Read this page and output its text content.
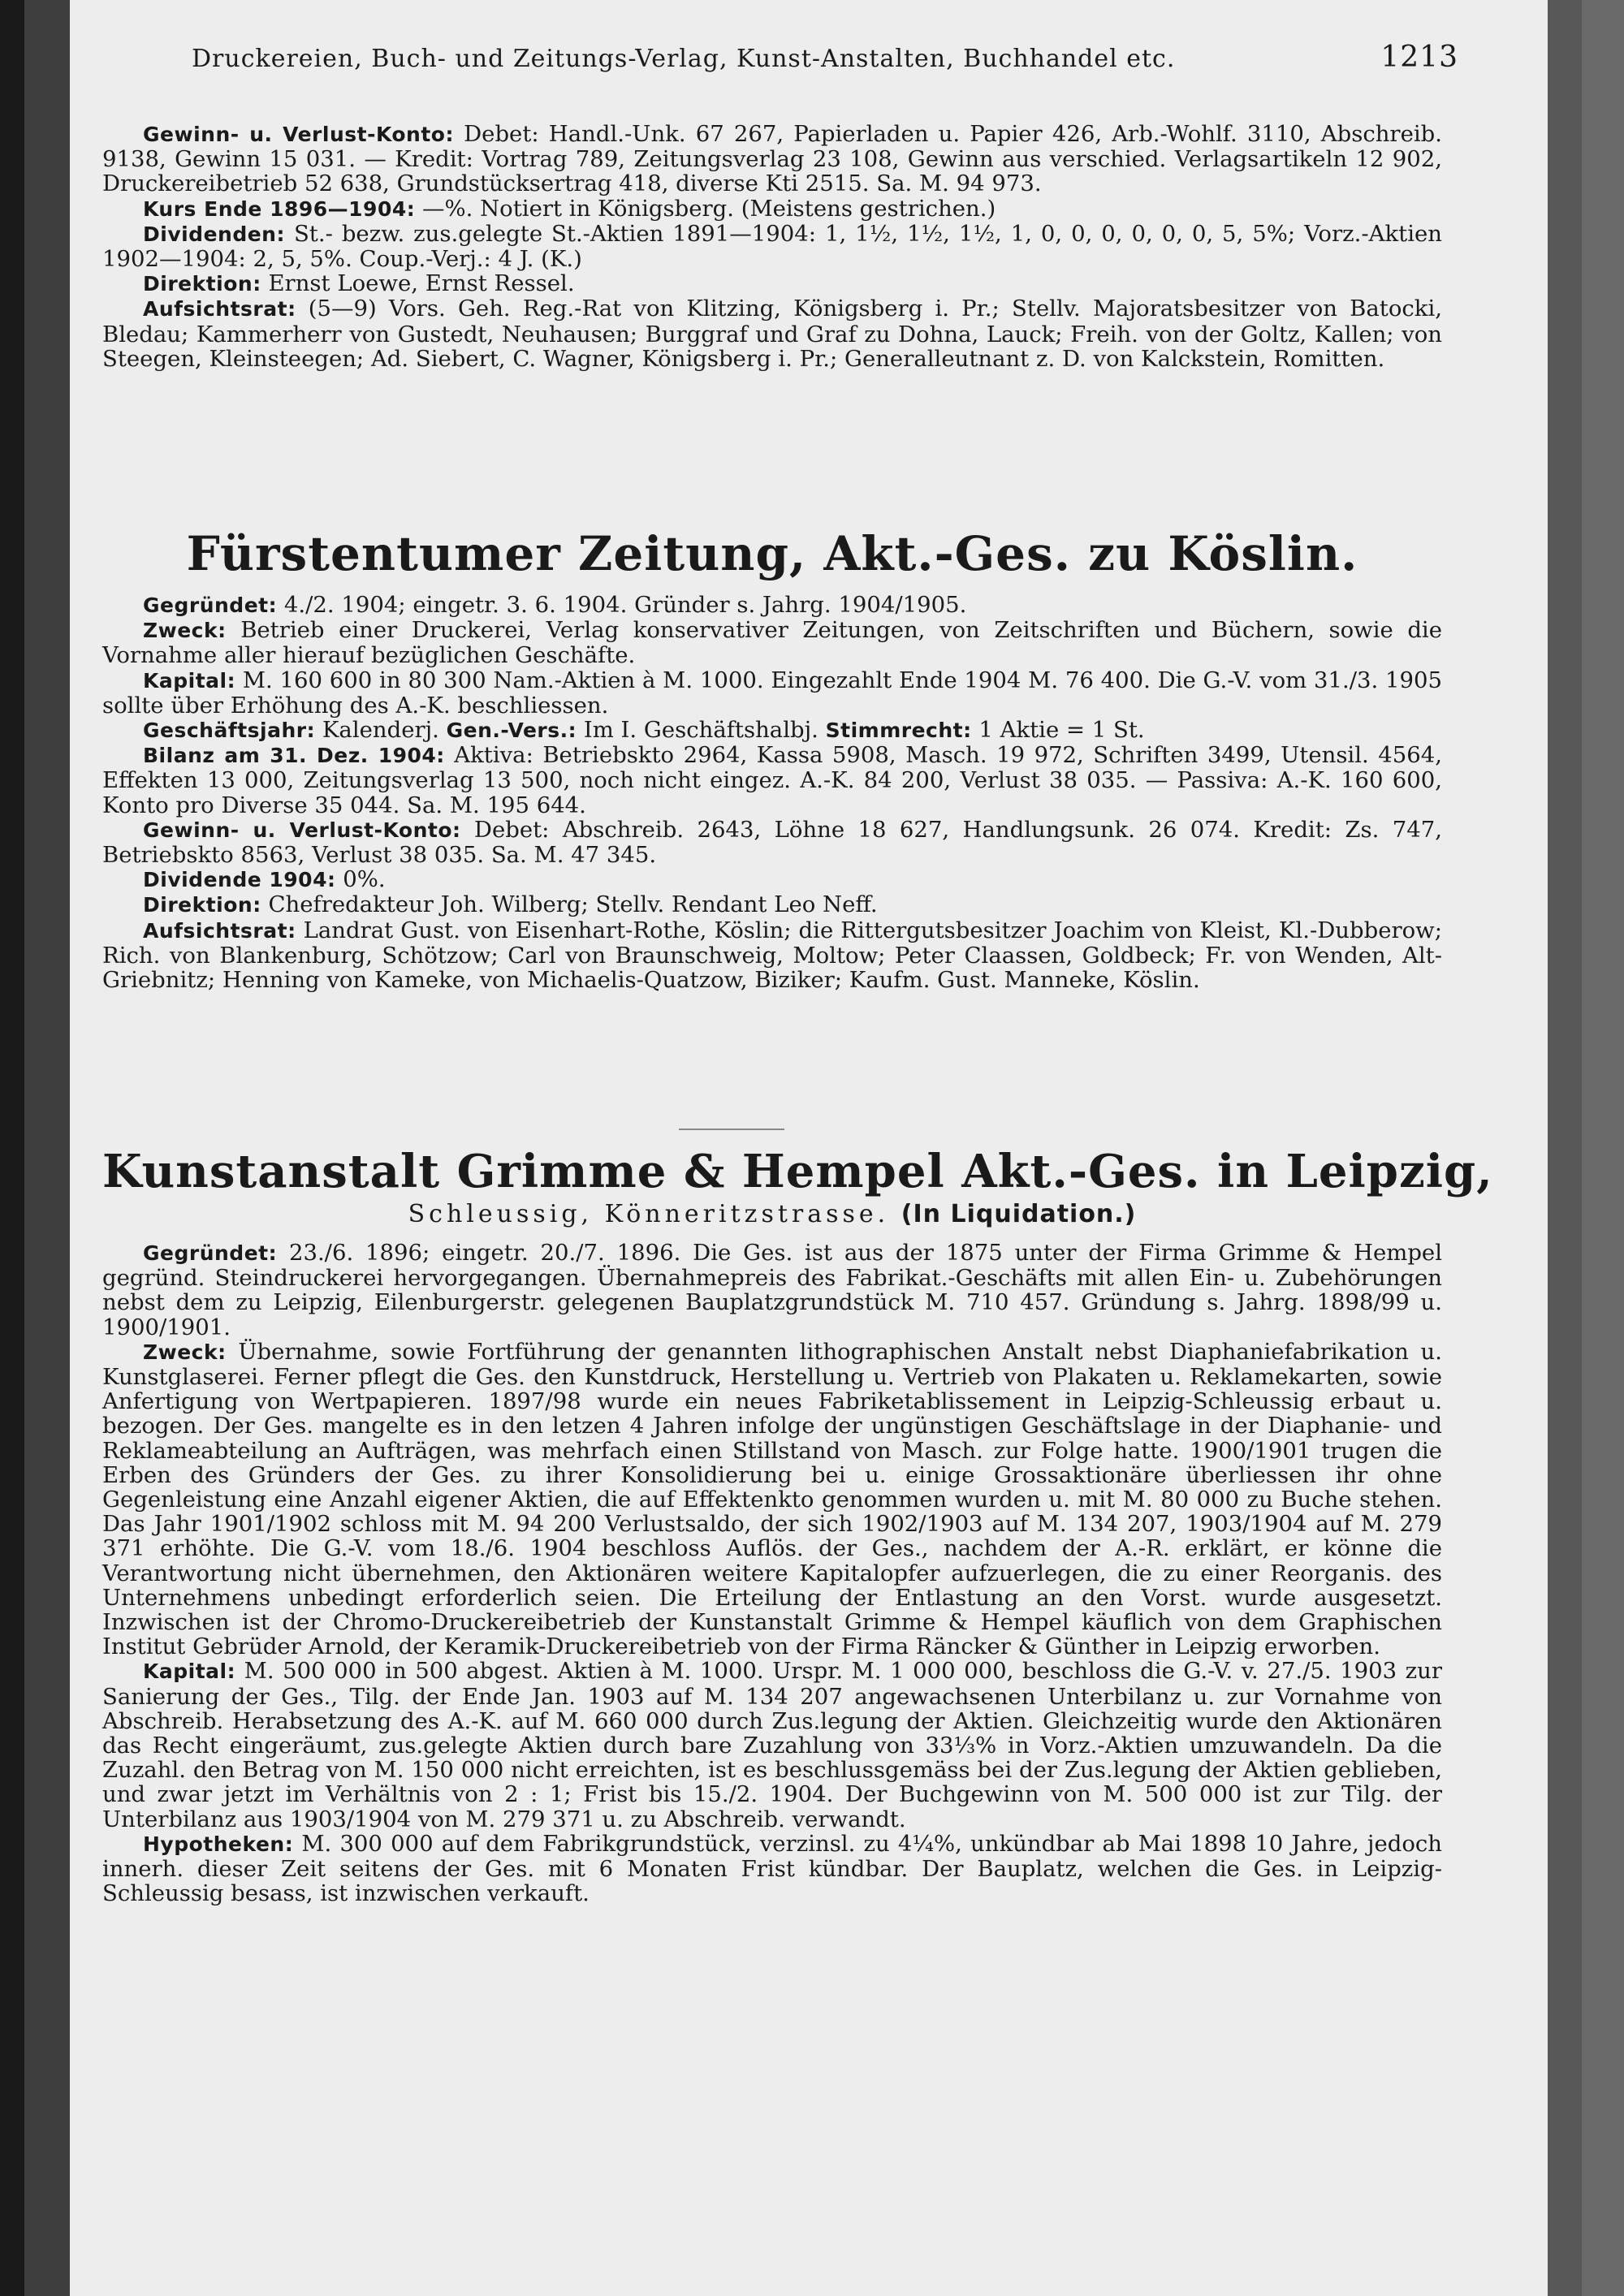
Druckereien, Buch- und Zeitungs-Verlag, Kunst-Anstalten, Buchhandel etc.	1213

Gewinn- u. Verlust-Konto: Debet: Handl.-Unk. 67 267, Papierladen u. Papier 426, Arb.-Wohlf. 3110, Abschreib. 9138, Gewinn 15 031. — Kredit: Vortrag 789, Zeitungsverlag 23 108, Gewinn aus verschied. Verlagsartikeln 12 902, Druckereibetrieb 52 638, Grundstücksertrag 418, diverse Kti 2515. Sa. M. 94 973.

Kurs Ende 1896—1904: —%. Notiert in Königsberg. (Meistens gestrichen.)

Dividenden: St.- bezw. zus.gelegte St.-Aktien 1891—1904: 1, 1½, 1½, 1½, 1, 0, 0, 0, 0, 0, 0, 5, 5%; Vorz.-Aktien 1902—1904: 2, 5, 5%. Coup.-Verj.: 4 J. (K.)

Direktion: Ernst Loewe, Ernst Ressel.

Aufsichtsrat: (5—9) Vors. Geh. Reg.-Rat von Klitzing, Königsberg i. Pr.; Stellv. Majoratsbesitzer von Batocki, Bledau; Kammerherr von Gustedt, Neuhausen; Burggraf und Graf zu Dohna, Lauck; Freih. von der Goltz, Kallen; von Steegen, Kleinsteegen; Ad. Siebert, C. Wagner, Königsberg i. Pr.; Generalleutnant z. D. von Kalckstein, Romitten.

Fürstentumer Zeitung, Akt.-Ges. zu Köslin.

Gegründet: 4./2. 1904; eingetr. 3. 6. 1904. Gründer s. Jahrg. 1904/1905.

Zweck: Betrieb einer Druckerei, Verlag konservativer Zeitungen, von Zeitschriften und Büchern, sowie die Vornahme aller hierauf bezüglichen Geschäfte.

Kapital: M. 160 600 in 80 300 Nam.-Aktien à M. 1000. Eingezahlt Ende 1904 M. 76 400. Die G.-V. vom 31./3. 1905 sollte über Erhöhung des A.-K. beschliessen.

Geschäftsjahr: Kalenderj. Gen.-Vers.: Im I. Geschäftshalbj. Stimmrecht: 1 Aktie = 1 St.

Bilanz am 31. Dez. 1904: Aktiva: Betriebskto 2964, Kassa 5908, Masch. 19 972, Schriften 3499, Utensil. 4564, Effekten 13 000, Zeitungsverlag 13 500, noch nicht eingez. A.-K. 84 200, Verlust 38 035. — Passiva: A.-K. 160 600, Konto pro Diverse 35 044. Sa. M. 195 644.

Gewinn- u. Verlust-Konto: Debet: Abschreib. 2643, Löhne 18 627, Handlungsunk. 26 074. Kredit: Zs. 747, Betriebskto 8563, Verlust 38 035. Sa. M. 47 345.

Dividende 1904: 0%.

Direktion: Chefredakteur Joh. Wilberg; Stellv. Rendant Leo Neff.

Aufsichtsrat: Landrat Gust. von Eisenhart-Rothe, Köslin; die Rittergutsbesitzer Joachim von Kleist, Kl.-Dubberow; Rich. von Blankenburg, Schötzow; Carl von Braunschweig, Moltow; Peter Claassen, Goldbeck; Fr. von Wenden, Alt-Griebnitz; Henning von Kameke, von Michaelis-Quatzow, Biziker; Kaufm. Gust. Manneke, Köslin.

Kunstanstalt Grimme & Hempel Akt.-Ges. in Leipzig,
Schleussig, Könneritzstrasse. (In Liquidation.)

Gegründet: 23./6. 1896; eingetr. 20./7. 1896. Die Ges. ist aus der 1875 unter der Firma Grimme & Hempel gegründ. Steindruckerei hervorgegangen. Übernahmepreis des Fabrikat.-Geschäfts mit allen Ein- u. Zubehörungen nebst dem zu Leipzig, Eilenburgerstr. gelegenen Bauplatzgrundstück M. 710 457. Gründung s. Jahrg. 1898/99 u. 1900/1901.

Zweck: Übernahme, sowie Fortführung der genannten lithographischen Anstalt nebst Diaphaniefabrikation u. Kunstglaserei. Ferner pflegt die Ges. den Kunstdruck, Herstellung u. Vertrieb von Plakaten u. Reklamekarten, sowie Anfertigung von Wertpapieren. 1897/98 wurde ein neues Fabriketablissement in Leipzig-Schleussig erbaut u. bezogen. Der Ges. mangelte es in den letzen 4 Jahren infolge der ungünstigen Geschäftslage in der Diaphanie- und Reklameabteilung an Aufträgen, was mehrfach einen Stillstand von Masch. zur Folge hatte. 1900/1901 trugen die Erben des Gründers der Ges. zu ihrer Konsolidierung bei u. einige Grossaktionäre überliessen ihr ohne Gegenleistung eine Anzahl eigener Aktien, die auf Effektenkto genommen wurden u. mit M. 80 000 zu Buche stehen. Das Jahr 1901/1902 schloss mit M. 94 200 Verlustsaldo, der sich 1902/1903 auf M. 134 207, 1903/1904 auf M. 279 371 erhöhte. Die G.-V. vom 18./6. 1904 beschloss Auflös. der Ges., nachdem der A.-R. erklärt, er könne die Verantwortung nicht übernehmen, den Aktionären weitere Kapitalopfer aufzuerlegen, die zu einer Reorganis. des Unternehmens unbedingt erforderlich seien. Die Erteilung der Entlastung an den Vorst. wurde ausgesetzt. Inzwischen ist der Chromo-Druckereibetrieb der Kunstanstalt Grimme & Hempel käuflich von dem Graphischen Institut Gebrüder Arnold, der Keramik-Druckereibetrieb von der Firma Räncker & Günther in Leipzig erworben.

Kapital: M. 500 000 in 500 abgest. Aktien à M. 1000. Urspr. M. 1 000 000, beschloss die G.-V. v. 27./5. 1903 zur Sanierung der Ges., Tilg. der Ende Jan. 1903 auf M. 134 207 angewachsenen Unterbilanz u. zur Vornahme von Abschreib. Herabsetzung des A.-K. auf M. 660 000 durch Zus.legung der Aktien. Gleichzeitig wurde den Aktionären das Recht eingeräumt, zus.gelegte Aktien durch bare Zuzahlung von 33⅓% in Vorz.-Aktien umzuwandeln. Da die Zuzahl. den Betrag von M. 150 000 nicht erreichten, ist es beschlussgemäss bei der Zus.legung der Aktien geblieben, und zwar jetzt im Verhältnis von 2 : 1; Frist bis 15./2. 1904. Der Buchgewinn von M. 500 000 ist zur Tilg. der Unterbilanz aus 1903/1904 von M. 279 371 u. zu Abschreib. verwandt.

Hypotheken: M. 300 000 auf dem Fabrikgrundstück, verzinsl. zu 4¼%, unkündbar ab Mai 1898 10 Jahre, jedoch innerh. dieser Zeit seitens der Ges. mit 6 Monaten Frist kündbar. Der Bauplatz, welchen die Ges. in Leipzig-Schleussig besass, ist inzwischen verkauft.
